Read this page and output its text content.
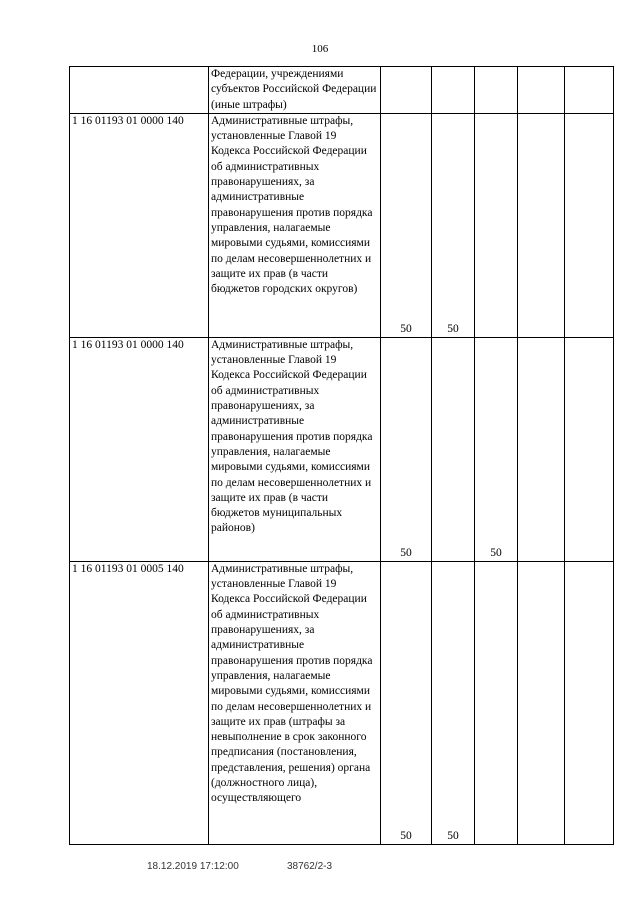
106
	Федерации, учреждениями субъектов Российской Федерации (иные штрафы)					
1 16 01193 01 0000 140	Административные штрафы, установленные Главой 19 Кодекса Российской Федерации об административных правонарушениях, за административные правонарушения против порядка управления, налагаемые мировыми судьями, комиссиями по делам несовершеннолетних и защите их прав (в части бюджетов городских округов)	50	50			
1 16 01193 01 0000 140	Административные штрафы, установленные Главой 19 Кодекса Российской Федерации об административных правонарушениях, за административные правонарушения против порядка управления, налагаемые мировыми судьями, комиссиями по делам несовершеннолетних и защите их прав (в части бюджетов муниципальных районов)	50		50		
1 16 01193 01 0005 140	Административные штрафы, установленные Главой 19 Кодекса Российской Федерации об административных правонарушениях, за административные правонарушения против порядка управления, налагаемые мировыми судьями, комиссиями по делам несовершеннолетних и защите их прав (штрафы за невыполнение в срок законного предписания (постановления, представления, решения) органа (должностного лица), осуществляющего	50	50			
18.12.2019 17:12:00	38762/2-3
